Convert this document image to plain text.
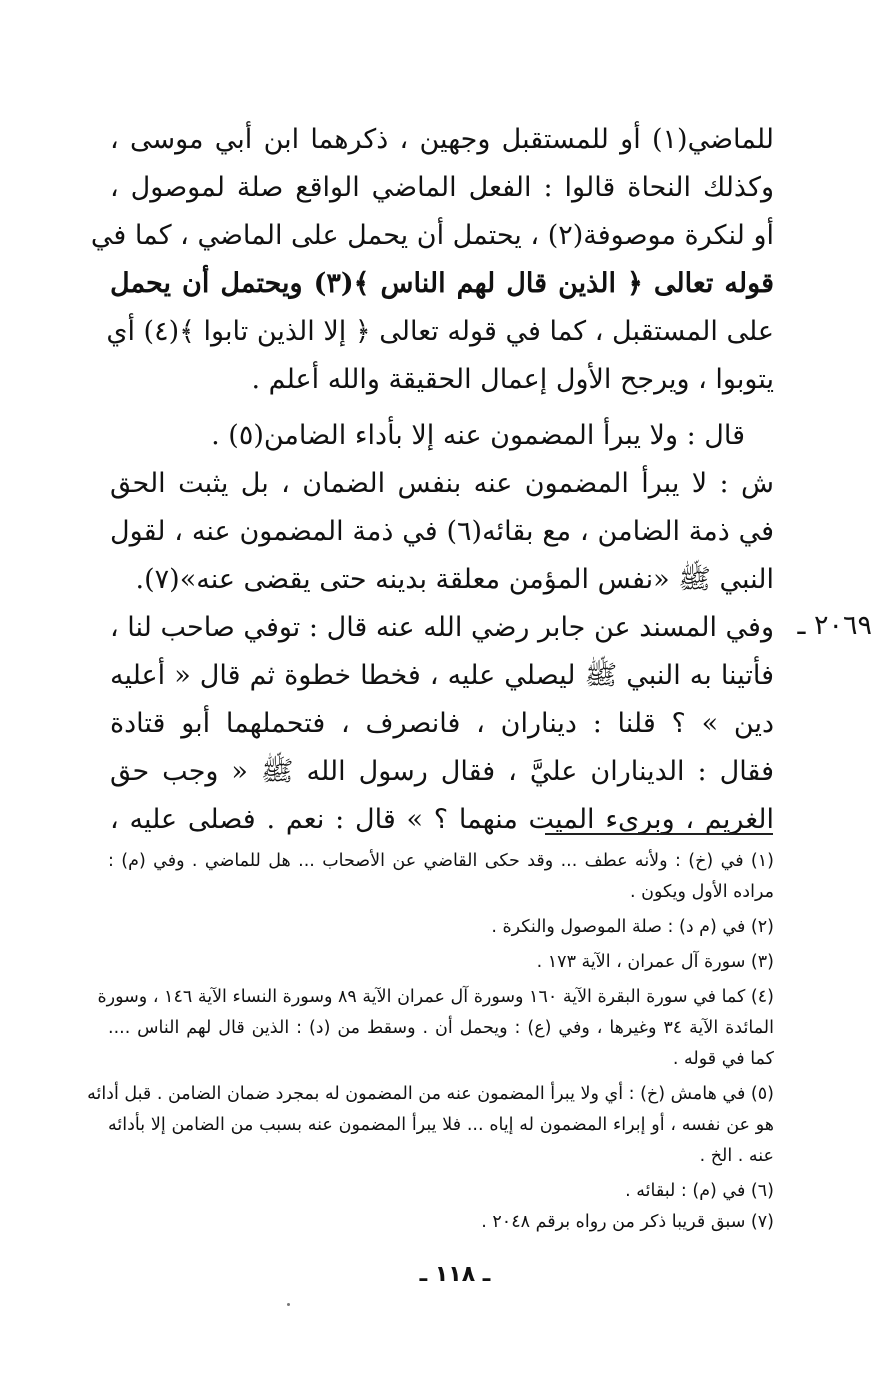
للماضي(١) أو للمستقبل وجهين ، ذكرهما ابن أبي موسى ،
وكذلك النحاة قالوا : الفعل الماضي الواقع صلة لموصول ،
أو لنكرة موصوفة(٢) ، يحتمل أن يحمل على الماضي ، كما في
قوله تعالى ﴿ الذين قال لهم الناس ﴾(٣) ويحتمل أن يحمل
على المستقبل ، كما في قوله تعالى ﴿ إلا الذين تابوا ﴾(٤) أي
يتوبوا ، ويرجح الأول إعمال الحقيقة والله أعلم .
قال : ولا يبرأ المضمون عنه إلا بأداء الضامن(٥) .
ش : لا يبرأ المضمون عنه بنفس الضمان ، بل يثبت الحق
في ذمة الضامن ، مع بقائه(٦) في ذمة المضمون عنه ، لقول
النبي ﷺ «نفس المؤمن معلقة بدينه حتى يقضى عنه»(٧).
٢٠٦٩ ـ
وفي المسند عن جابر رضي الله عنه قال : توفي صاحب لنا ،
فأتينا به النبي ﷺ ليصلي عليه ، فخطا خطوة ثم قال « أعليه
دين » ؟ قلنا : ديناران ، فانصرف ، فتحملهما أبو قتادة
فقال : الديناران عليَّ ، فقال رسول الله ﷺ « وجب حق
الغريم ، وبرىء الميت منهما ؟ » قال : نعم . فصلى عليه ،
(١) في (خ) : ولأنه عطف ... وقد حكى القاضي عن الأصحاب ... هل للماضي . وفي (م) :
مراده الأول ويكون .
(٢) في (م د) : صلة الموصول والنكرة .
(٣) سورة آل عمران ، الآية ١٧٣ .
(٤) كما في سورة البقرة الآية ١٦٠ وسورة آل عمران الآية ٨٩ وسورة النساء الآية ١٤٦ ، وسورة
المائدة الآية ٣٤ وغيرها ، وفي (ع) : ويحمل أن . وسقط من (د) : الذين قال لهم الناس ....
كما في قوله .
(٥) في هامش (خ) : أي ولا يبرأ المضمون عنه من المضمون له بمجرد ضمان الضامن . قبل أدائه
هو عن نفسه ، أو إبراء المضمون له إياه ... فلا يبرأ المضمون عنه بسبب من الضامن إلا بأدائه
عنه . الخ .
(٦) في (م) : لبقائه .
(٧) سبق قريبا ذكر من رواه برقم ٢٠٤٨ .
ـ ١١٨ ـ
